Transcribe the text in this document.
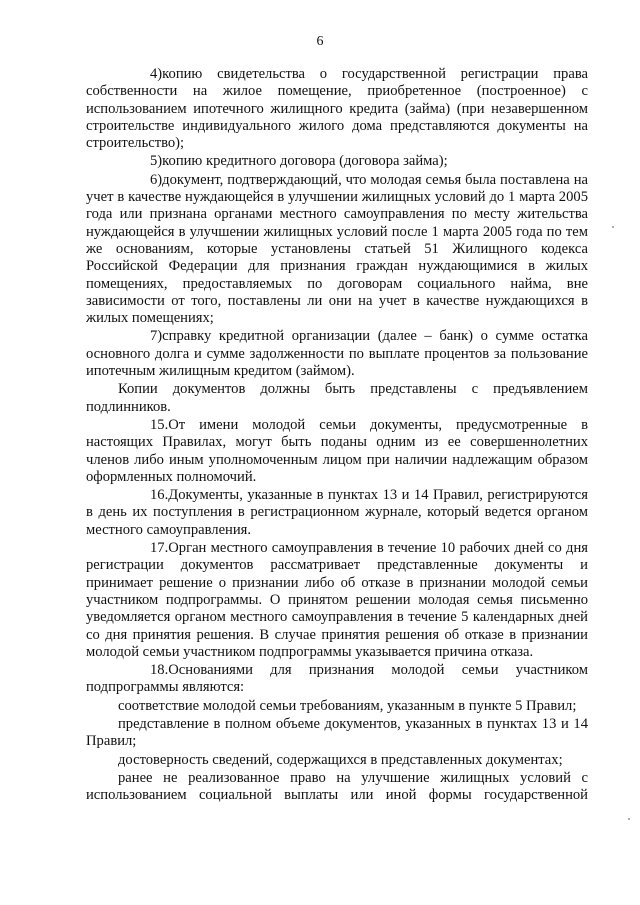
6

4)копию свидетельства о государственной регистрации права собственности на жилое помещение, приобретенное (построенное) с использованием ипотечного жилищного кредита (займа) (при незавершенном строительстве индивидуального жилого дома представляются документы на строительство);

5)копию кредитного договора (договора займа);

6)документ, подтверждающий, что молодая семья была поставлена на учет в качестве нуждающейся в улучшении жилищных условий до 1 марта 2005 года или признана органами местного самоуправления по месту жительства нуждающейся в улучшении жилищных условий после 1 марта 2005 года по тем же основаниям, которые установлены статьей 51 Жилищного кодекса Российской Федерации для признания граждан нуждающимися в жилых помещениях, предоставляемых по договорам социального найма, вне зависимости от того, поставлены ли они на учет в качестве нуждающихся в жилых помещениях;

7)справку кредитной организации (далее – банк) о сумме остатка основного долга и сумме задолженности по выплате процентов за пользование ипотечным жилищным кредитом (займом).

Копии документов должны быть представлены с предъявлением подлинников.

15.От имени молодой семьи документы, предусмотренные в настоящих Правилах, могут быть поданы одним из ее совершеннолетних членов либо иным уполномоченным лицом при наличии надлежащим образом оформленных полномочий.

16.Документы, указанные в пунктах 13 и 14 Правил, регистрируются в день их поступления в регистрационном журнале, который ведется органом местного самоуправления.

17.Орган местного самоуправления в течение 10 рабочих дней со дня регистрации документов рассматривает представленные документы и принимает решение о признании либо об отказе в признании молодой семьи участником подпрограммы. О принятом решении молодая семья письменно уведомляется органом местного самоуправления в течение 5 календарных дней со дня принятия решения. В случае принятия решения об отказе в признании молодой семьи участником подпрограммы указывается причина отказа.

18.Основаниями для признания молодой семьи участником подпрограммы являются:

соответствие молодой семьи требованиям, указанным в пункте 5 Правил;

представление в полном объеме документов, указанных в пунктах 13 и 14 Правил;

достоверность сведений, содержащихся в представленных документах;

ранее не реализованное право на улучшение жилищных условий с использованием социальной выплаты или иной формы государственной
